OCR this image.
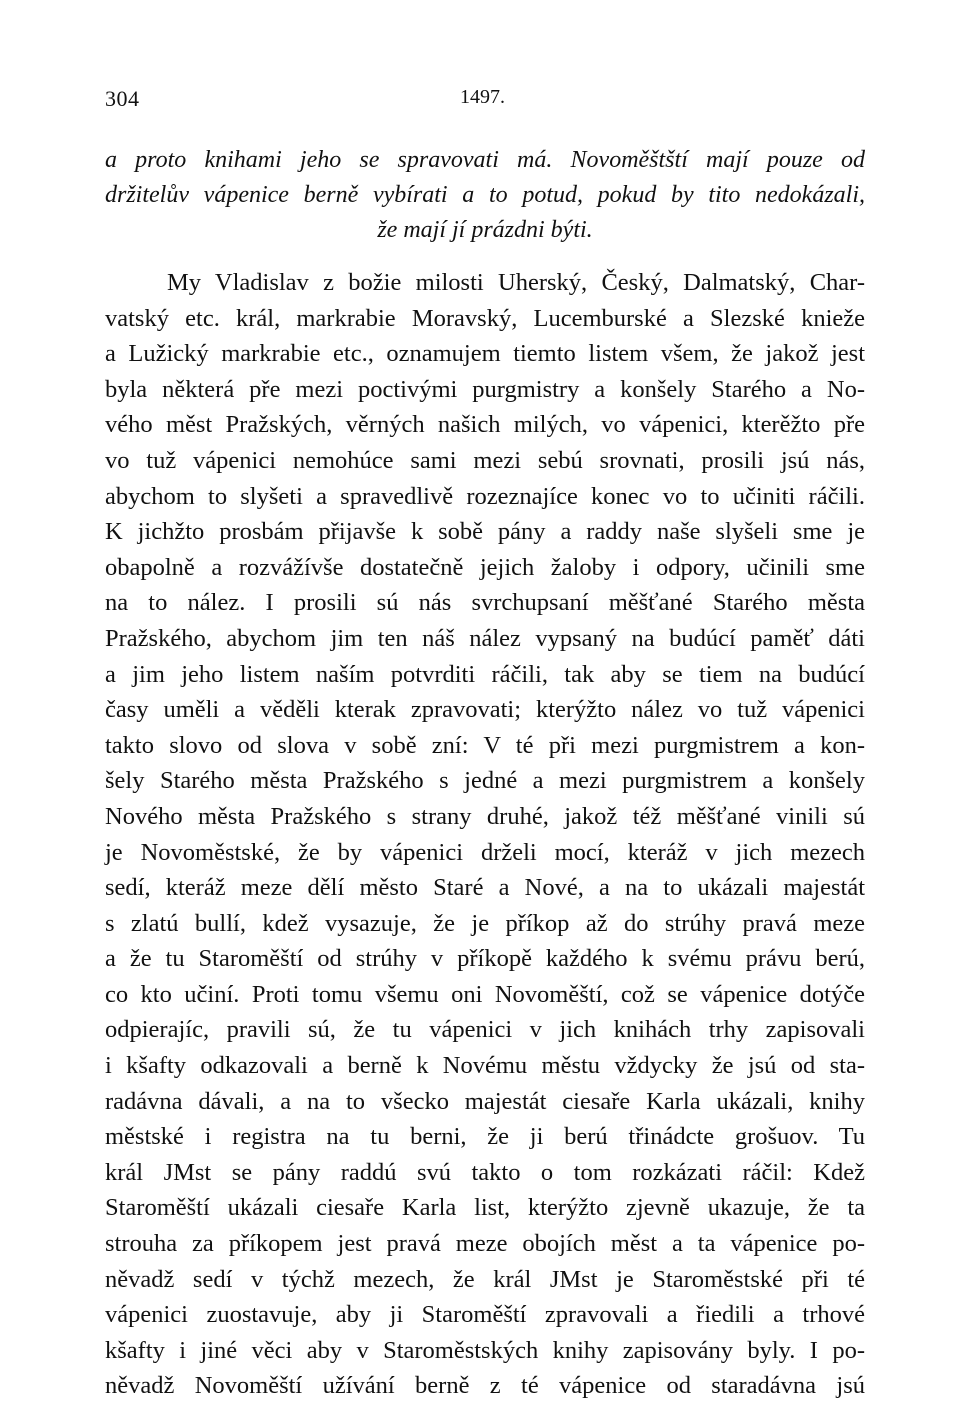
304	1497.
a proto knihami jeho se spravovati má. Novoměštští mají pouze od
držitelův vápenice berně vybírati a to potud, pokud by tito nedokázali,
že mají jí prázdni býti.
My Vladislav z božie milosti Uherský, Český, Dalmatský, Char-
vatský etc. král, markrabie Moravský, Lucemburské a Slezské knieže
a Lužický markrabie etc., oznamujem tiemto listem všem, že jakož jest
byla některá pře mezi poctivými purgmistry a konšely Starého a No-
vého měst Pražských, věrných našich milých, vo vápenici, kterěžto pře
vo tuž vápenici nemohúce sami mezi sebú srovnati, prosili jsú nás,
abychom to slyšeti a spravedlivě rozeznajíce konec vo to učiniti ráčili.
K jichžto prosbám přijavše k sobě pány a raddy naše slyšeli sme je
obapolně a rozvážívše dostatečně jejich žaloby i odpory, učinili sme
na to nález. I prosili sú nás svrchupsaní měšťané Starého města
Pražského, abychom jim ten náš nález vypsaný na budúcí paměť dáti
a jim jeho listem naším potvrditi ráčili, tak aby se tiem na budúcí
časy uměli a věděli kterak zpravovati; kterýžto nález vo tuž vápenici
takto slovo od slova v sobě zní: V té při mezi purgmistrem a kon-
šely Starého města Pražského s jedné a mezi purgmistrem a konšely
Nového města Pražského s strany druhé, jakož též měšťané vinili sú
je Novoměstské, že by vápenici drželi mocí, kteráž v jich mezech
sedí, kteráž meze dělí město Staré a Nové, a na to ukázali majestát
s zlatú bullí, kdež vysazuje, že je příkop až do strúhy pravá meze
a že tu Staroměští od strúhy v příkopě každého k svému právu berú,
co kto učiní. Proti tomu všemu oni Novoměští, což se vápenice dotýče
odpierajíc, pravili sú, že tu vápenici v jich knihách trhy zapisovali
i kšafty odkazovali a berně k Novému městu vždycky že jsú od sta-
radávna dávali, a na to všecko majestát ciesaře Karla ukázali, knihy
městské i registra na tu berni, že ji berú třinádcte grošuov. Tu
král JMst se pány raddú svú takto o tom rozkázati ráčil: Kdež
Staroměští ukázali ciesaře Karla list, kterýžto zjevně ukazuje, že ta
strouha za příkopem jest pravá meze obojích měst a ta vápenice po-
něvadž sedí v týchž mezech, že král JMst je Staroměstské při té
vápenici zuostavuje, aby ji Staroměští zpravovali a řiedili a trhové
kšafty i jiné věci aby v Staroměstských knihy zapisovány byly. I po-
něvadž Novoměští užívání berně z té vápenice od staradávna jsú
